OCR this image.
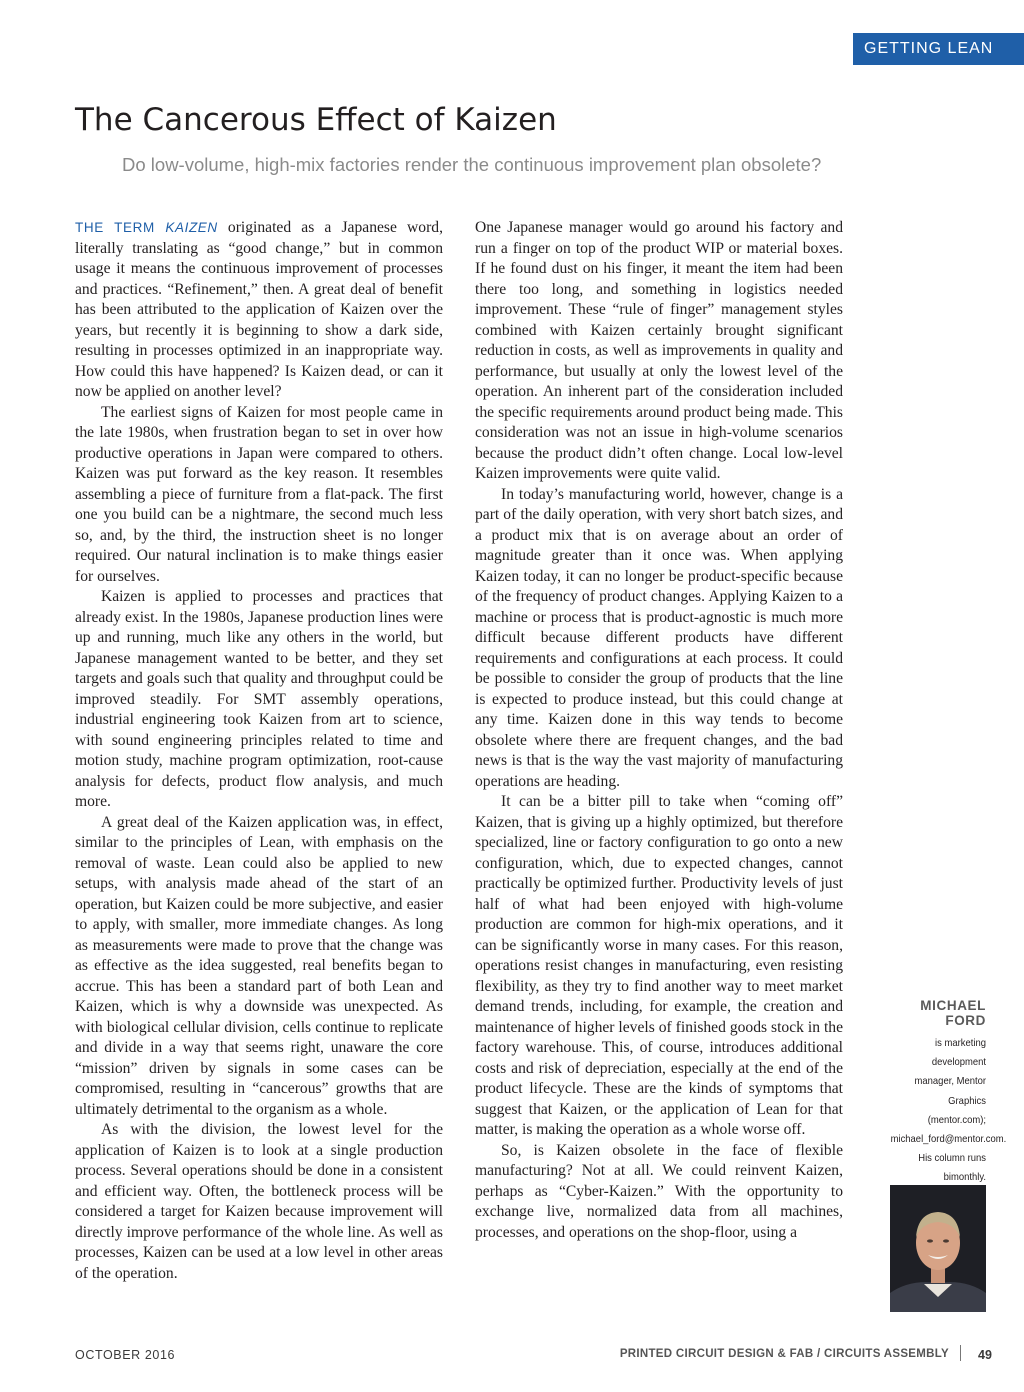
GETTING LEAN
The Cancerous Effect of Kaizen

Do low-volume, high-mix factories render the continuous improvement plan obsolete?

THE TERM KAIZEN originated as a Japanese word, literally translating as “good change,” but in common usage it means the continuous improvement of processes and practices. “Refinement,” then. A great deal of benefit has been attributed to the application of Kaizen over the years, but recently it is beginning to show a dark side, resulting in processes optimized in an inappropriate way. How could this have happened? Is Kaizen dead, or can it now be applied on another level?

The earliest signs of Kaizen for most people came in the late 1980s, when frustration began to set in over how productive operations in Japan were compared to others. Kaizen was put forward as the key reason. It resembles assembling a piece of furniture from a flat-pack. The first one you build can be a nightmare, the second much less so, and, by the third, the instruction sheet is no longer required. Our natural inclination is to make things easier for ourselves.

Kaizen is applied to processes and practices that already exist. In the 1980s, Japanese production lines were up and running, much like any others in the world, but Japanese management wanted to be better, and they set targets and goals such that quality and throughput could be improved steadily. For SMT assembly operations, industrial engineering took Kaizen from art to science, with sound engineering principles related to time and motion study, machine program optimization, root-cause analysis for defects, product flow analysis, and much more.

A great deal of the Kaizen application was, in effect, similar to the principles of Lean, with emphasis on the removal of waste. Lean could also be applied to new setups, with analysis made ahead of the start of an operation, but Kaizen could be more subjective, and easier to apply, with smaller, more immediate changes. As long as measurements were made to prove that the change was as effective as the idea suggested, real benefits began to accrue. This has been a standard part of both Lean and Kaizen, which is why a downside was unexpected. As with biological cellular division, cells continue to replicate and divide in a way that seems right, unaware the core “mission” driven by signals in some cases can be compromised, resulting in “cancerous” growths that are ultimately detrimental to the organism as a whole.

As with the division, the lowest level for the application of Kaizen is to look at a single production process. Several operations should be done in a consistent and efficient way. Often, the bottleneck process will be considered a target for Kaizen because improvement will directly improve performance of the whole line. As well as processes, Kaizen can be used at a low level in other areas of the operation.

One Japanese manager would go around his factory and run a finger on top of the product WIP or material boxes. If he found dust on his finger, it meant the item had been there too long, and something in logistics needed improvement. These “rule of finger” management styles combined with Kaizen certainly brought significant reduction in costs, as well as improvements in quality and performance, but usually at only the lowest level of the operation. An inherent part of the consideration included the specific requirements around product being made. This consideration was not an issue in high-volume scenarios because the product didn’t often change. Local low-level Kaizen improvements were quite valid.

In today’s manufacturing world, however, change is a part of the daily operation, with very short batch sizes, and a product mix that is on average about an order of magnitude greater than it once was. When applying Kaizen today, it can no longer be product-specific because of the frequency of product changes. Applying Kaizen to a machine or process that is product-agnostic is much more difficult because different products have different requirements and configurations at each process. It could be possible to consider the group of products that the line is expected to produce instead, but this could change at any time. Kaizen done in this way tends to become obsolete where there are frequent changes, and the bad news is that is the way the vast majority of manufacturing operations are heading.

It can be a bitter pill to take when “coming off” Kaizen, that is giving up a highly optimized, but therefore specialized, line or factory configuration to go onto a new configuration, which, due to expected changes, cannot practically be optimized further. Productivity levels of just half of what had been enjoyed with high-volume production are common for high-mix operations, and it can be significantly worse in many cases. For this reason, operations resist changes in manufacturing, even resisting flexibility, as they try to find another way to meet market demand trends, including, for example, the creation and maintenance of higher levels of finished goods stock in the factory warehouse. This, of course, introduces additional costs and risk of depreciation, especially at the end of the product lifecycle. These are the kinds of symptoms that suggest that Kaizen, or the application of Lean for that matter, is making the operation as a whole worse off.

So, is Kaizen obsolete in the face of flexible manufacturing? Not at all. We could reinvent Kaizen, perhaps as “Cyber-Kaizen.” With the opportunity to exchange live, normalized data from all machines, processes, and operations on the shop-floor, using a

MICHAEL FORD

is marketing development manager, Mentor Graphics (mentor.com); michael_ford@mentor.com. His column runs bimonthly.

OCTOBER 2016	PRINTED CIRCUIT DESIGN & FAB / CIRCUITS ASSEMBLY 49
